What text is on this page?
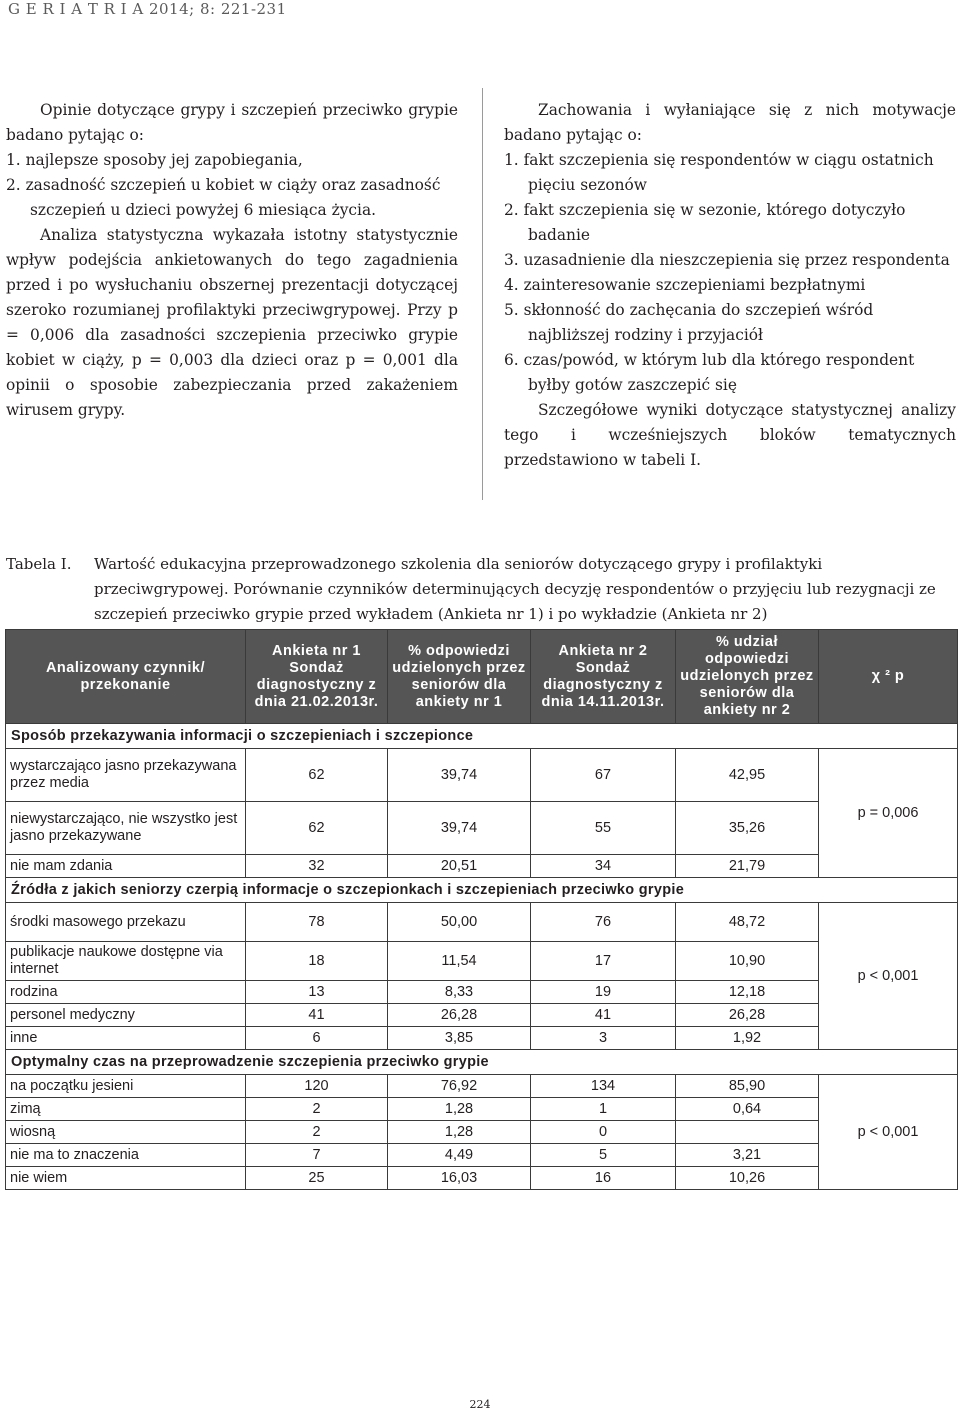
G E R I A T R I A 2014; 8: 221-231

Opinie dotyczące grypy i szczepień przeciwko grypie badano pytając o:

1. najlepsze sposoby jej zapobiegania,
2. zasadność szczepień u kobiet w ciąży oraz zasadność szczepień u dzieci powyżej 6 miesiąca życia.

Analiza statystyczna wykazała istotny statystycznie wpływ podejścia ankietowanych do tego zagadnienia przed i po wysłuchaniu obszernej prezentacji dotyczącej szeroko rozumianej profilaktyki przeciwgrypowej. Przy p = 0,006 dla zasadności szczepienia przeciwko grypie kobiet w ciąży, p = 0,003 dla dzieci oraz p = 0,001 dla opinii o sposobie zabezpieczania przed zakażeniem wirusem grypy.

Zachowania i wyłaniające się z nich motywacje badano pytając o:

1. fakt szczepienia się respondentów w ciągu ostatnich pięciu sezonów
2. fakt szczepienia się w sezonie, którego dotyczyło badanie
3. uzasadnienie dla nieszczepienia się przez respondenta
4. zainteresowanie szczepieniami bezpłatnymi
5. skłonność do zachęcania do szczepień wśród najbliższej rodziny i przyjaciół
6. czas/powód, w którym lub dla którego respondent byłby gotów zaszczepić się

Szczegółowe wyniki dotyczące statystycznej analizy tego i wcześniejszych bloków tematycznych przedstawiono w tabeli I.

Tabela I. Wartość edukacyjna przeprowadzonego szkolenia dla seniorów dotyczącego grypy i profilaktyki przeciwgrypowej. Porównanie czynników determinujących decyzję respondentów o przyjęciu lub rezygnacji ze szczepień przeciwko grypie przed wykładem (Ankieta nr 1) i po wykładzie (Ankieta nr 2)
Analizowany czynnik/ przekonanie	Ankieta nr 1 Sondaż diagnostyczny z dnia 21.02.2013r.	% odpowiedzi udzielonych przez seniorów dla ankiety nr 1	Ankieta nr 2 Sondaż diagnostyczny z dnia 14.11.2013r.	% udział odpowiedzi udzielonych przez seniorów dla ankiety nr 2	χ ² p
Sposób przekazywania informacji o szczepieniach i szczepionce					
wystarczająco jasno przekazywana przez media	62	39,74	67	42,95	p = 0,006
niewystarczająco, nie wszystko jest jasno przekazywane	62	39,74	55	35,26	
nie mam zdania	32	20,51	34	21,79	
Źródła z jakich seniorzy czerpią informacje o szczepionkach i szczepieniach przeciwko grypie					
środki masowego przekazu	78	50,00	76	48,72	p < 0,001
publikacje naukowe dostępne via internet	18	11,54	17	10,90	
rodzina	13	8,33	19	12,18	
personel medyczny	41	26,28	41	26,28	
inne	6	3,85	3	1,92	
Optymalny czas na przeprowadzenie szczepienia przeciwko grypie					
na początku jesieni	120	76,92	134	85,90	p < 0,001
zimą	2	1,28	1	0,64	
wiosną	2	1,28	0		
nie ma to znaczenia	7	4,49	5	3,21	
nie wiem	25	16,03	16	10,26	
224
